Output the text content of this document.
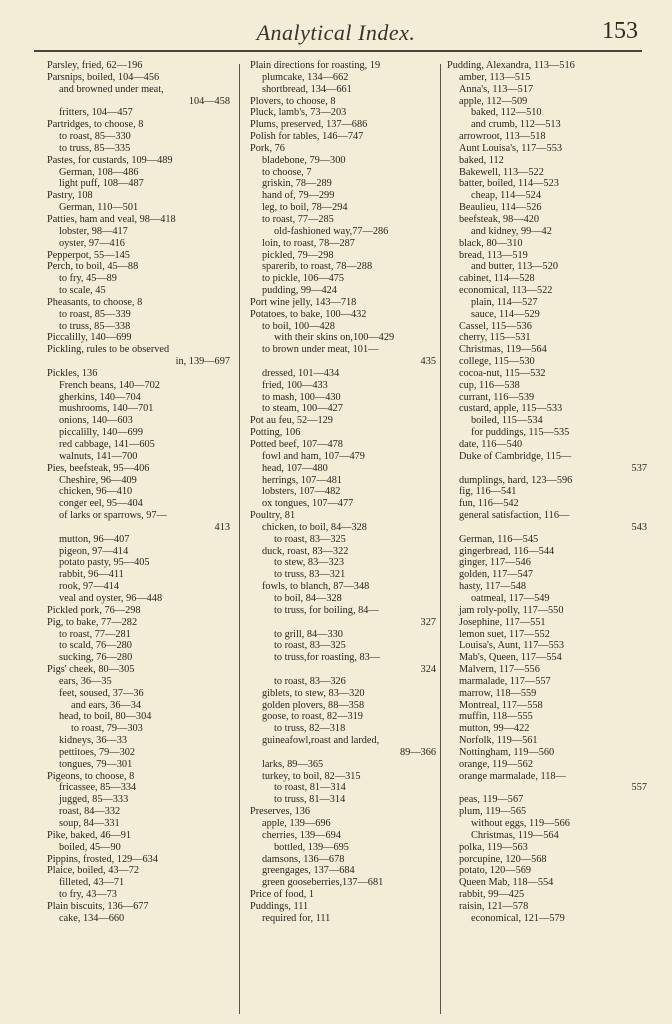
Analytical Index.	153
Parsley, fried, 62—196
Parsnips, boiled, 104—456
and browned under meat,
104—458
fritters, 104—457
Partridges, to choose, 8
to roast, 85—330
to truss, 85—335
Pastes, for custards, 109—489
German, 108—486
light puff, 108—487
Pastry, 108
German, 110—501
Patties, ham and veal, 98—418
lobster, 98—417
oyster, 97—416
Pepperpot, 55—145
Perch, to boil, 45—88
to fry, 45—89
to scale, 45
Pheasants, to choose, 8
to roast, 85—339
to truss, 85—338
Piccalilly, 140—699
Pickling, rules to be observed
in, 139—697
Pickles, 136
French beans, 140—702
gherkins, 140—704
mushrooms, 140—701
onions, 140—603
piccalilly, 140—699
red cabbage, 141—605
walnuts, 141—700
Pies, beefsteak, 95—406
Cheshire, 96—409
chicken, 96—410
conger eel, 95—404
of larks or sparrows, 97—
413
mutton, 96—407
pigeon, 97—414
potato pasty, 95—405
rabbit, 96—411
rook, 97—414
veal and oyster, 96—448
Pickled pork, 76—298
Pig, to bake, 77—282
to roast, 77—281
to scald, 76—280
sucking, 76—280
Pigs' cheek, 80—305
ears, 36—35
feet, soused, 37—36
and ears, 36—34
head, to boil, 80—304
to roast, 79—303
kidneys, 36—33
pettitoes, 79—302
tongues, 79—301
Pigeons, to choose, 8
fricassee, 85—334
jugged, 85—333
roast, 84—332
soup, 84—331
Pike, baked, 46—91
boiled, 45—90
Pippins, frosted, 129—634
Plaice, boiled, 43—72
filleted, 43—71
to fry, 43—73
Plain biscuits, 136—677
cake, 134—660
Plain directions for roasting, 19
plumcake, 134—662
shortbread, 134—661
Plovers, to choose, 8
Pluck, lamb's, 73—203
Plums, preserved, 137—686
Polish for tables, 146—747
Pork, 76
bladebone, 79—300
to choose, 7
griskin, 78—289
hand of, 79—299
leg, to boil, 78—294
to roast, 77—285
old-fashioned way,77—286
loin, to roast, 78—287
pickled, 79—298
sparerib, to roast, 78—288
to pickle, 106—475
pudding, 99—424
Port wine jelly, 143—718
Potatoes, to bake, 100—432
to boil, 100—428
with their skins on,100—429
to brown under meat, 101—
435
dressed, 101—434
fried, 100—433
to mash, 100—430
to steam, 100—427
Pot au feu, 52—129
Potting, 106
Potted beef, 107—478
fowl and ham, 107—479
head, 107—480
herrings, 107—481
lobsters, 107—482
ox tongues, 107—477
Poultry, 81
chicken, to boil, 84—328
to roast, 83—325
duck, roast, 83—322
to stew, 83—323
to truss, 83—321
fowls, to blanch, 87—348
to boil, 84—328
to truss, for boiling, 84—
327
to grill, 84—330
to roast, 83—325
to truss,for roasting, 83—
324
to roast, 83—326
giblets, to stew, 83—320
golden plovers, 88—358
goose, to roast, 82—319
to truss, 82—318
guineafowl,roast and larded,
89—366
larks, 89—365
turkey, to boil, 82—315
to roast, 81—314
to truss, 81—314
Preserves, 136
apple, 139—696
cherries, 139—694
bottled, 139—695
damsons, 136—678
greengages, 137—684
green gooseberries,137—681
Price of food, 1
Puddings, 111
required for, 111
Pudding, Alexandra, 113—516
amber, 113—515
Anna's, 113—517
apple, 112—509
baked, 112—510
and crumb, 112—513
arrowroot, 113—518
Aunt Louisa's, 117—553
baked, 112
Bakewell, 113—522
batter, boiled, 114—523
cheap, 114—524
Beaulieu, 114—526
beefsteak, 98—420
and kidney, 99—42
black, 80—310
bread, 113—519
and butter, 113—520
cabinet, 114—528
economical, 113—522
plain, 114—527
sauce, 114—529
Cassel, 115—536
cherry, 115—531
Christmas, 119—564
college, 115—530
cocoa-nut, 115—532
cup, 116—538
currant, 116—539
custard, apple, 115—533
boiled, 115—534
for puddings, 115—535
date, 116—540
Duke of Cambridge, 115—
537
dumplings, hard, 123—596
fig, 116—541
fun, 116—542
general satisfaction, 116—
543
German, 116—545
gingerbread, 116—544
ginger, 117—546
golden, 117—547
hasty, 117—548
oatmeal, 117—549
jam roly-polly, 117—550
Josephine, 117—551
lemon suet, 117—552
Louisa's, Aunt, 117—553
Mab's, Queen, 117—554
Malvern, 117—556
marmalade, 117—557
marrow, 118—559
Montreal, 117—558
muffin, 118—555
mutton, 99—422
Norfolk, 119—561
Nottingham, 119—560
orange, 119—562
orange marmalade, 118—
557
peas, 119—567
plum, 119—565
without eggs, 119—566
Christmas, 119—564
polka, 119—563
porcupine, 120—568
potato, 120—569
Queen Mab, 118—554
rabbit, 99—425
raisin, 121—578
economical, 121—579
